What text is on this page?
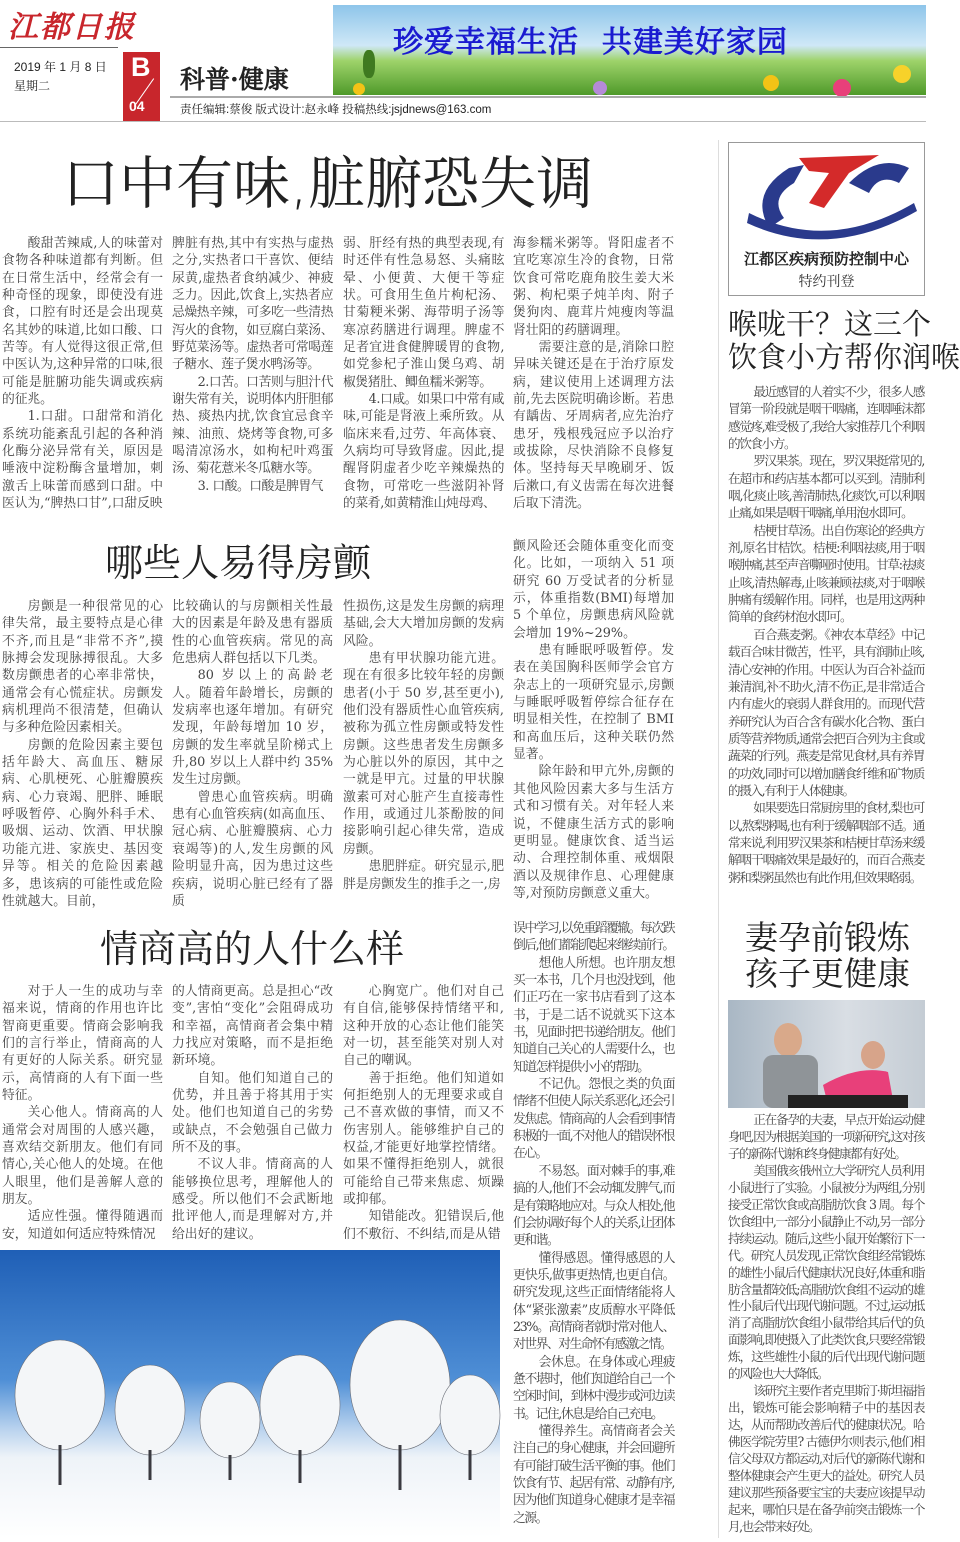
江都日报
2019 年 1 月 8 日
星期二
B
04
科普·健康
珍爱幸福生活  共建美好家园
责任编辑:蔡俊 版式设计:赵永峰 投稿热线:jsjdnews@163.com
口中有味,脏腑恐失调

酸甜苦辣咸,人的味蕾对食物各种味道都有判断。但在日常生活中，经常会有一种奇怪的现象，即使没有进食，口腔有时还是会出现莫名其妙的味道,比如口酸、口苦等。有人觉得这很正常,但中医认为,这种异常的口味,很可能是脏腑功能失调或疾病的征兆。

1.口甜。口甜常和消化系统功能紊乱引起的各种消化酶分泌异常有关，原因是唾液中淀粉酶含量增加，刺激舌上味蕾而感到口甜。中医认为,“脾热口甘”,口甜反映

脾脏有热,其中有实热与虚热之分,实热者口干喜饮、便结尿黄,虚热者食纳减少、神疲乏力。因此,饮食上,实热者应忌燥热辛辣，可多吃一些清热泻火的食物，如豆腐白菜汤、野苋菜汤等。虚热者可常喝莲子糖水、莲子煲水鸭汤等。

2.口苦。口苦则与胆汁代谢失常有关，说明体内肝胆郁热、痰热内扰,饮食宜忌食辛辣、油煎、烧烤等食物,可多喝清凉汤水，如枸杞叶鸡蛋汤、菊花薏米冬瓜糖水等。

3. 口酸。口酸是脾胃气

弱、肝经有热的典型表现,有时还伴有性急易怒、头痛眩晕、小便黄、大便干等症状。可食用生鱼片枸杞汤、甘菊粳米粥、海带明子汤等寒凉药膳进行调理。脾虚不足者宜进食健脾暖胃的食物,如党参杞子淮山煲乌鸡、胡椒煲猪肚、鲫鱼糯米粥等。

4.口咸。如果口中常有咸味,可能是肾液上乘所致。从临床来看,过劳、年高体衰、久病均可导致肾虚。因此,提醒肾阴虚者少吃辛辣燥热的食物，可常吃一些滋阴补肾的菜肴,如黄精淮山炖母鸡、

海参糯米粥等。肾阳虚者不宜吃寒凉生冷的食物，日常饮食可常吃鹿角胶生姜大米粥、枸杞栗子炖羊肉、附子煲狗肉、鹿茸片炖瘦肉等温肾壮阳的药膳调理。

需要注意的是,消除口腔异味关键还是在于治疗原发病，建议使用上述调理方法前,先去医院明确诊断。若患有龋齿、牙周病者,应先治疗患牙，残根残冠应予以治疗或拔除，尽快消除不良修复体。坚持每天早晚刷牙、饭后漱口,有义齿需在每次进餐后取下清洗。

哪些人易得房颤

房颤是一种很常见的心律失常，最主要特点是心律不齐,而且是“非常不齐”,摸脉搏会发现脉搏很乱。大多数房颤患者的心率非常快，通常会有心慌症状。房颤发病机理尚不很清楚，但确认与多种危险因素相关。

房颤的危险因素主要包括年龄大、高血压、糖尿病、心肌梗死、心脏瓣膜疾病、心力衰竭、肥胖、睡眠呼吸暂停、心胸外科手术、吸烟、运动、饮酒、甲状腺功能亢进、家族史、基因变异等。相关的危险因素越多，患该病的可能性或危险性就越大。目前，

比较确认的与房颤相关性最大的因素是年龄及患有器质性的心血管疾病。常见的高危患病人群包括以下几类。

80 岁以上的高龄老人。随着年龄增长，房颤的发病率也逐年增加。有研究发现，年龄每增加 10 岁，房颤的发生率就呈阶梯式上升,80 岁以上人群中约 35%发生过房颤。

曾患心血管疾病。明确患有心血管疾病(如高血压、冠心病、心脏瓣膜病、心力衰竭等)的人,发生房颤的风险明显升高，因为患过这些疾病，说明心脏已经有了器质

性损伤,这是发生房颤的病理基础,会大大增加房颤的发病风险。

患有甲状腺功能亢进。现在有很多比较年轻的房颤患者(小于 50 岁,甚至更小),他们没有器质性心血管疾病,被称为孤立性房颤或特发性房颤。这些患者发生房颤多为心脏以外的原因，其中之一就是甲亢。过量的甲状腺激素可对心脏产生直接毒性作用，或通过儿茶酚胺的间接影响引起心律失常，造成房颤。

患肥胖症。研究显示,肥胖是房颤发生的推手之一,房

颤风险还会随体重变化而变化。比如，一项纳入 51 项研究 60 万受试者的分析显示，体重指数(BMI)每增加 5 个单位，房颤患病风险就会增加 19%~29%。

患有睡眠呼吸暂停。发表在美国胸科医师学会官方杂志上的一项研究显示,房颤与睡眠呼吸暂停综合征存在明显相关性，在控制了 BMI 和高血压后，这种关联仍然显著。

除年龄和甲亢外,房颤的其他风险因素大多与生活方式和习惯有关。对年轻人来说，不健康生活方式的影响更明显。健康饮食、适当运动、合理控制体重、戒烟限酒以及规律作息、心理健康等,对预防房颤意义重大。

情商高的人什么样

对于人一生的成功与幸福来说，情商的作用也许比智商更重要。情商会影响我们的言行举止，情商高的人有更好的人际关系。研究显示，高情商的人有下面一些特征。

关心他人。情商高的人通常会对周围的人感兴趣，喜欢结交新朋友。他们有同情心,关心他人的处境。在他人眼里，他们是善解人意的朋友。

适应性强。懂得随遇而安，知道如何适应特殊情况

的人情商更高。总是担心“改变”,害怕“变化”会阻碍成功和幸福，高情商者会集中精力找应对策略，而不是拒绝新环境。

自知。他们知道自己的优势，并且善于将其用于实处。他们也知道自己的劣势或缺点，不会勉强自己做力所不及的事。

不议人非。情商高的人能够换位思考，理解他人的感受。所以他们不会武断地批评他人,而是理解对方,并给出好的建议。

心胸宽广。他们对自己有自信,能够保持情绪平和,这种开放的心态让他们能笑对一切，甚至能笑对别人对自己的嘲讽。

善于拒绝。他们知道如何拒绝别人的无理要求或自己不喜欢做的事情，而又不伤害别人。能够维护自己的权益,才能更好地掌控情绪。如果不懂得拒绝别人，就很可能给自己带来焦虑、烦躁或抑郁。

知错能改。犯错误后,他们不敷衍、不纠结,而是从错

误中学习,以免重蹈覆辙。每次跌倒后,他们都能爬起来继续前行。

想他人所想。也许朋友想买一本书，几个月也没找到，他们正巧在一家书店看到了这本书，于是二话不说就买下这本书，见面时把书递给朋友。他们知道自己关心的人需要什么，也知道怎样提供小小的帮助。

不记仇。怨恨之类的负面情绪不但使人际关系恶化,还会引发焦虑。情商高的人会看到事情积极的一面,不对他人的错误怀恨在心。

不易怒。面对棘手的事,难搞的人,他们不会动辄发脾气,而是有策略地应对。与众人相处,他们会协调好每个人的关系,让团体更和谐。

懂得感恩。懂得感恩的人更快乐,做事更热情,也更自信。研究发现,这些正面情绪能将人体“紧张激素”皮质醇水平降低 23%。高情商者就时常对他人、对世界、对生命怀有感激之情。

会休息。在身体或心理疲惫不堪时，他们知道给自己一个空闲时间，到林中漫步或河边读书。记住,休息是给自己充电。

懂得养生。高情商者会关注自己的身心健康，并会回避所有可能打破生活平衡的事。他们饮食有节、起居有常、动静有序,因为他们知道身心健康才是幸福之源。

江都区疾病预防控制中心
特约刊登
喉咙干？这三个
饮食小方帮你润喉

最近感冒的人着实不少，很多人感冒第一阶段就是咽干咽痛，连咽唾沫都感觉疼,难受极了,我给大家推荐几个利咽的饮食小方。

罗汉果茶。现在，罗汉果挺常见的,在超市和药店基本都可以买到。清肺利咽,化痰止咳,善清肺热,化痰饮,可以利咽止痛,如果是咽干咽痛,单用泡水即可。

桔梗甘草汤。出自伤寒论的经典方剂,原名甘桔饮。桔梗:利咽祛痰,用于咽喉肿痛,甚至声音嘶哑时使用。甘草:祛痰止咳,清热解毒,止咳兼顾祛痰,对于咽喉肿痛有缓解作用。同样，也是用这两种简单的食药材泡水即可。

百合燕麦粥。《神农本草经》中记载百合味甘微苦，性平，具有润肺止咳,清心安神的作用。中医认为百合补益而兼清润,补不助火,清不伤正,是非常适合内有虚火的衰弱人群食用的。而现代营养研究认为百合含有碳水化合物、蛋白质等营养物质,通常会把百合列为主食或蔬菜的行列。燕麦是常见食材,具有养胃的功效,同时可以增加膳食纤维和矿物质的摄入,有利于人体健康。

如果要选日常厨房里的食材,梨也可以,熬梨粥喝,也有利于缓解咽部不适。通常来说,利用罗汉果茶和桔梗甘草汤来缓解咽干咽痛效果是最好的，而百合燕麦粥和梨粥虽然也有此作用,但效果略弱。

妻孕前锻炼
孩子更健康

正在备孕的夫妻，早点开始运动健身吧,因为根据美国的一项新研究,这对孩子的新陈代谢和终身健康都有好处。

美国俄亥俄州立大学研究人员利用小鼠进行了实验。小鼠被分为两组,分别接受正常饮食或高脂肪饮食 3 周。每个饮食组中,一部分小鼠静止不动,另一部分持续运动。随后,这些小鼠开始繁衍下一代。研究人员发现,正常饮食组经常锻炼的雄性小鼠后代健康状况良好,体重和脂肪含量都较低;高脂肪饮食组不运动的雄性小鼠后代出现代谢问题。不过,运动抵消了高脂肪饮食组小鼠带给其后代的负面影响,即使摄入了此类饮食,只要经常锻炼，这些雄性小鼠的后代出现代谢问题的风险也大大降低。

该研究主要作者克里斯汀·斯坦福指出，锻炼可能会影响精子中的基因表达，从而帮助改善后代的健康状况。哈佛医学院劳里? 古德伊尔则表示,他们相信父母双方都运动,对后代的新陈代谢和整体健康会产生更大的益处。研究人员建议那些预备要宝宝的夫妻应该提早动起来，哪怕只是在备孕前突击锻炼一个月,也会带来好处。
